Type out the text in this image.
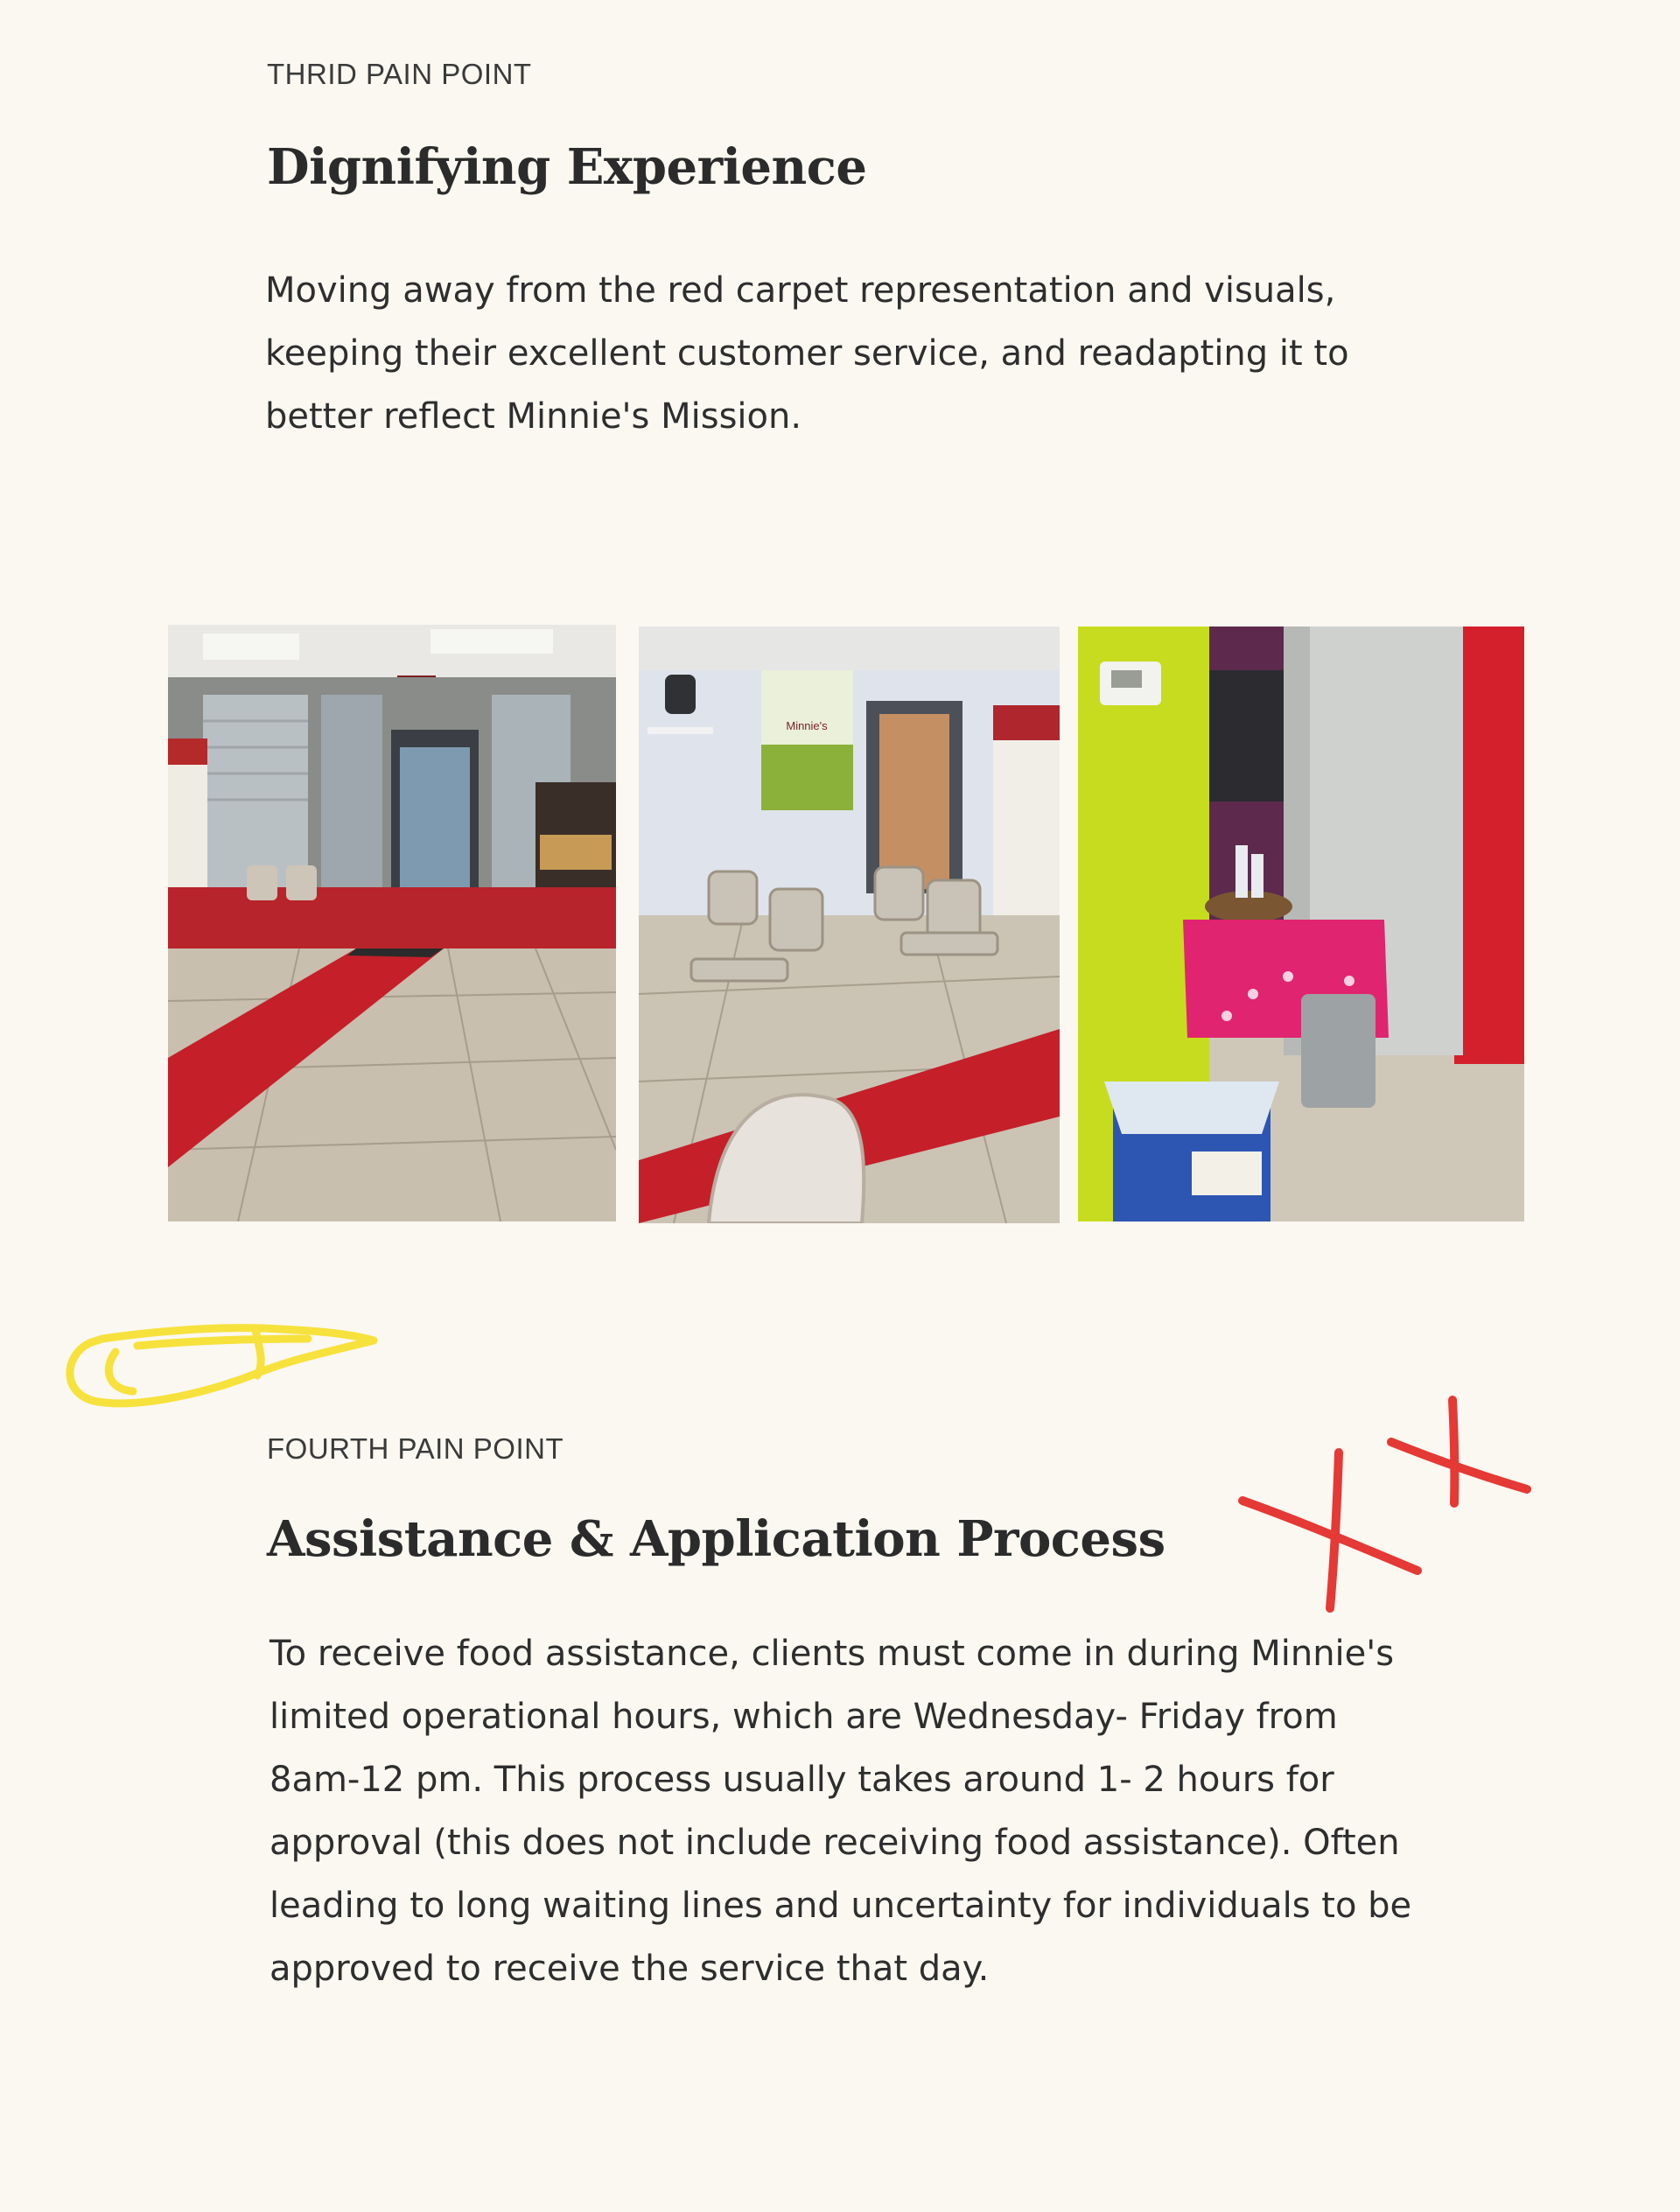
THRID PAIN POINT
Dignifying Experience

Moving away from the red carpet representation and visuals, keeping their excellent customer service, and readapting it to better reflect Minnie's Mission.

Minnie's
FOURTH PAIN POINT
Assistance & Application Process

To receive food assistance, clients must come in during Minnie's limited operational hours, which are Wednesday- Friday from 8am-12 pm. This process usually takes around 1- 2 hours for approval (this does not include receiving food assistance). Often leading to long waiting lines and uncertainty for individuals to be approved to receive the service that day.
